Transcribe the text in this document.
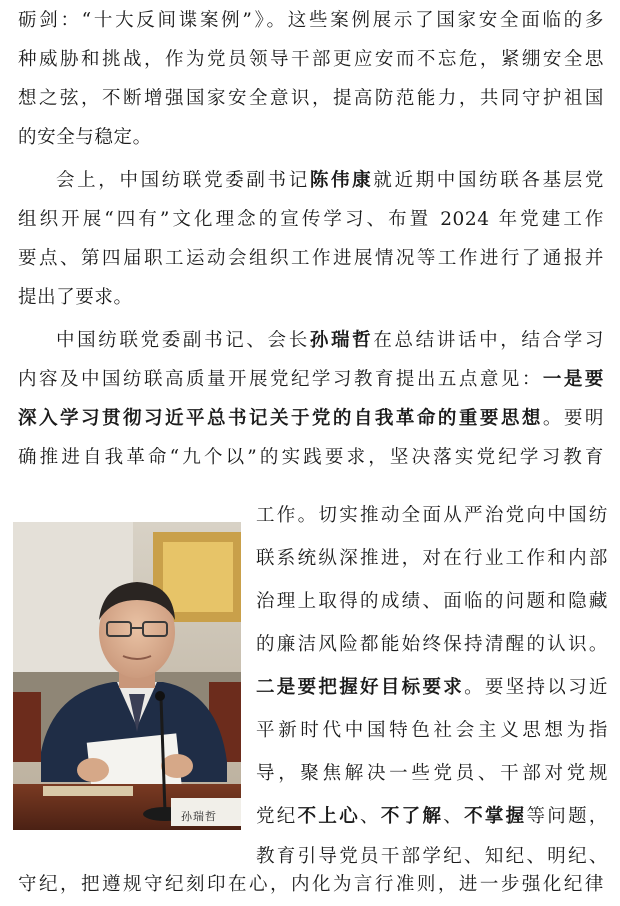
砺剑：“十大反间谍案例”》。这些案例展示了国家安全面临的多
种威胁和挑战，作为党员领导干部更应安而不忘危，紧绷安全思
想之弦，不断增强国家安全意识，提高防范能力，共同守护祖国
的安全与稳定。
会上，中国纺联党委副书记陈伟康就近期中国纺联各基层党
组织开展“四有”文化理念的宣传学习、布置 2024 年党建工作
要点、第四届职工运动会组织工作进展情况等工作进行了通报并
提出了要求。
中国纺联党委副书记、会长孙瑞哲在总结讲话中，结合学习
内容及中国纺联高质量开展党纪学习教育提出五点意见：一是要
深入学习贯彻习近平总书记关于党的自我革命的重要思想。要明
确推进自我革命“九个以”的实践要求，坚决落实党纪学习教育
工作。切实推动全面从严治党向中国纺
联系统纵深推进，对在行业工作和内部
治理上取得的成绩、面临的问题和隐藏
的廉洁风险都能始终保持清醒的认识。
二是要把握好目标要求。要坚持以习近
平新时代中国特色社会主义思想为指
导，聚焦解决一些党员、干部对党规
党纪不上心、不了解、不掌握等问题，
教育引导党员干部学纪、知纪、明纪、
守纪，把遵规守纪刻印在心，内化为言行准则，进一步强化纪律
孙瑞哲
